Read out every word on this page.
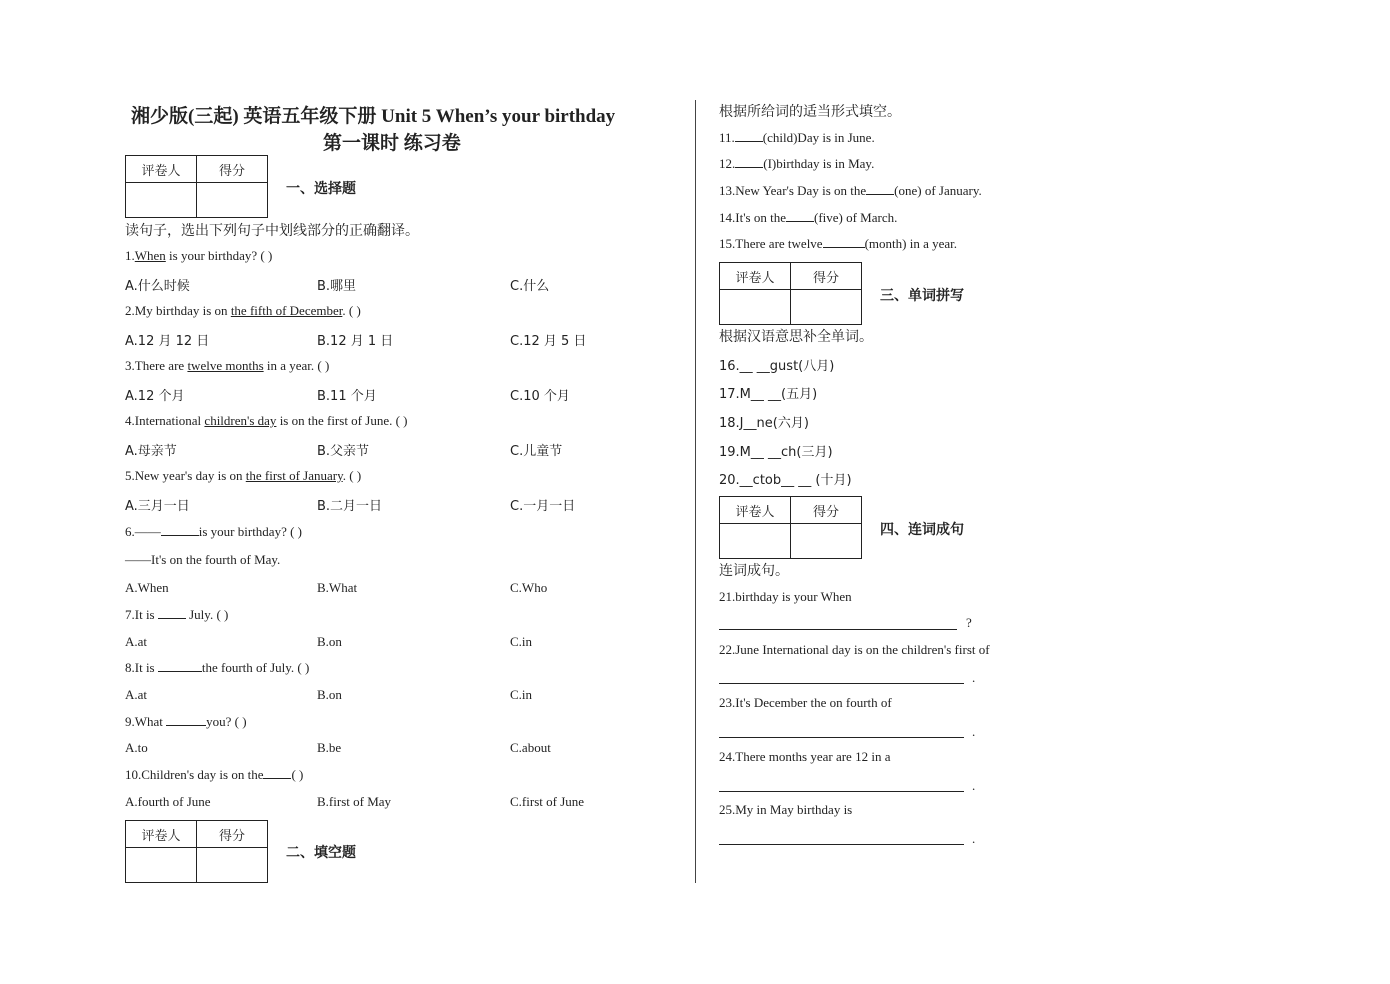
湘少版(三起) 英语五年级下册 Unit 5 When’s your birthday
第一课时 练习卷
评卷人	得分

一、选择题
读句子，选出下列句子中划线部分的正确翻译。
1.When is your birthday? ( )
A.什么时候	B.哪里	C.什么
2.My birthday is on the fifth of December. ( )
A.12 月 12 日	B.12 月 1 日	C.12 月 5 日
3.There are twelve months in a year. ( )
A.12 个月	B.11 个月	C.10 个月
4.International children's day is on the first of June. ( )
A.母亲节	B.父亲节	C.儿童节
5.New year's day is on the first of January. ( )
A.三月一日	B.二月一日	C.一月一日
6.——	is your birthday? ( )
——It's on the fourth of May.
A.When	B.What	C.Who
7.It is  July. ( )
A.at	B.on	C.in
8.It is	the fourth of July. ( )
A.at	B.on	C.in
9.What	you? ( )
A.to	B.be	C.about
10.Children's day is on the ( )
A.fourth of June	B.first of May	C.first of June
评卷人	得分

二、填空题
根据所给词的适当形式填空。
11. (child)Day is in June.
12. (I)birthday is in May.
13.New Year's Day is on the (one) of January.
14.It's on the (five) of March.
15.There are twelve	(month) in a year.
评卷人	得分

三、单词拼写
根据汉语意思补全单词。
16.__ __gust(八月)
17.M__ __(五月)
18.J__ne(六月)
19.M__ __ch(三月)
20.__ctob__ __ (十月)
评卷人	得分

四、连词成句
连词成句。
21.birthday is your When
?
22.June International day is on the children's first of
.
23.It's December the on fourth of
.
24.There months year are 12 in a
.
25.My in May birthday is
.
